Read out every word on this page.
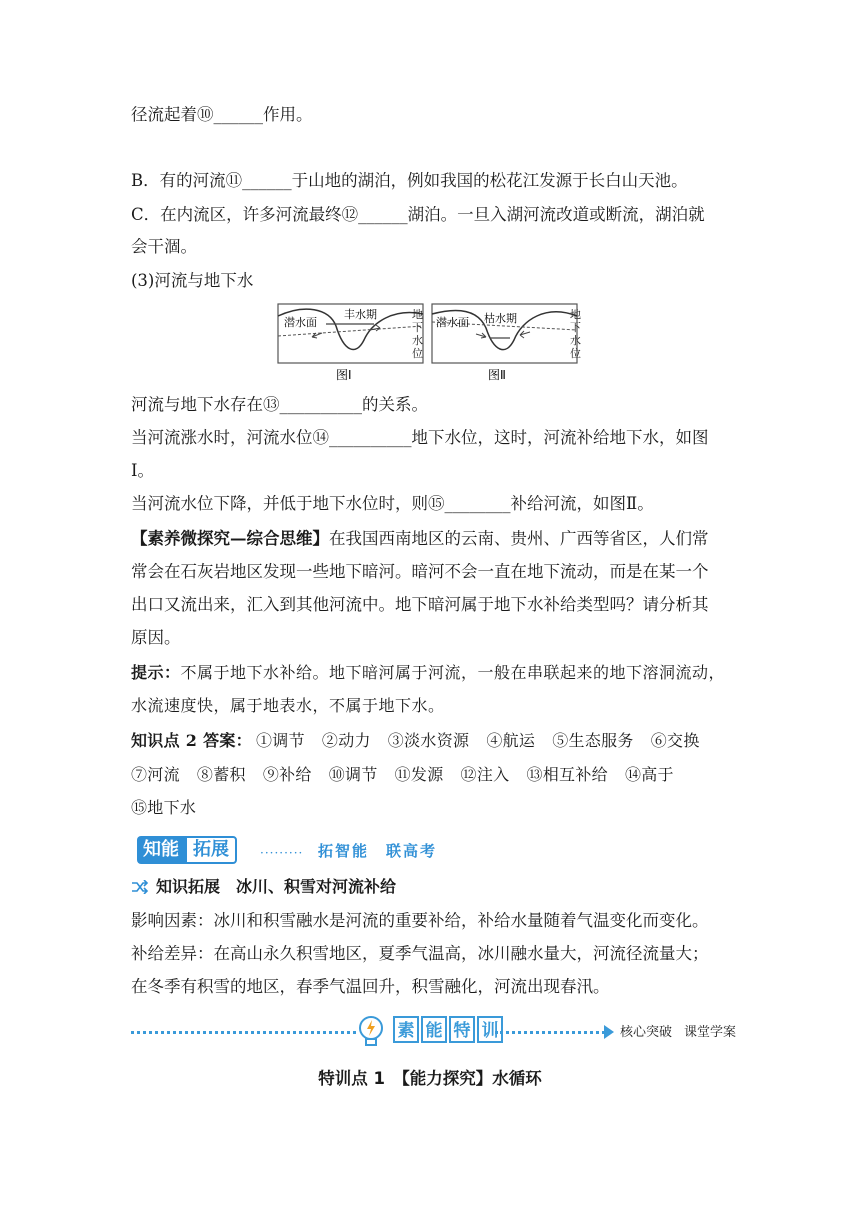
径流起着⑩______作用。
B．有的河流⑪______于山地的湖泊，例如我国的松花江发源于长白山天池。
C．在内流区，许多河流最终⑫______湖泊。一旦入湖河流改道或断流，湖泊就
会干涸。
(3)河流与地下水
潜水面
丰水期	地
下
水
位
图Ⅰ
潜水面 枯水期	地
下
水
位
图Ⅱ
河流与地下水存在⑬__________的关系。
当河流涨水时，河流水位⑭__________地下水位，这时，河流补给地下水，如图
Ⅰ。
当河流水位下降，并低于地下水位时，则⑮________补给河流，如图Ⅱ。
【素养微探究—综合思维】在我国西南地区的云南、贵州、广西等省区，人们常
常会在石灰岩地区发现一些地下暗河。暗河不会一直在地下流动，而是在某一个
出口又流出来，汇入到其他河流中。地下暗河属于地下水补给类型吗？请分析其
原因。
提示：不属于地下水补给。地下暗河属于河流，一般在串联起来的地下溶洞流动，
水流速度快，属于地表水，不属于地下水。
知识点 2 答案： ①调节 ②动力 ③淡水资源 ④航运 ⑤生态服务 ⑥交换
⑦河流 ⑧蓄积 ⑨补给 ⑩调节 ⑪发源 ⑫注入 ⑬相互补给 ⑭高于
⑮地下水
知能 拓展	········· 拓智能　联高考
知识拓展　冰川、积雪对河流补给
影响因素：冰川和积雪融水是河流的重要补给，补给水量随着气温变化而变化。
补给差异：在高山永久积雪地区，夏季气温高，冰川融水量大，河流径流量大；
在冬季有积雪的地区，春季气温回升，积雪融化，河流出现春汛。
素 能 特 训	核心突破 课堂学案
特训点 1　【能力探究】水循环
